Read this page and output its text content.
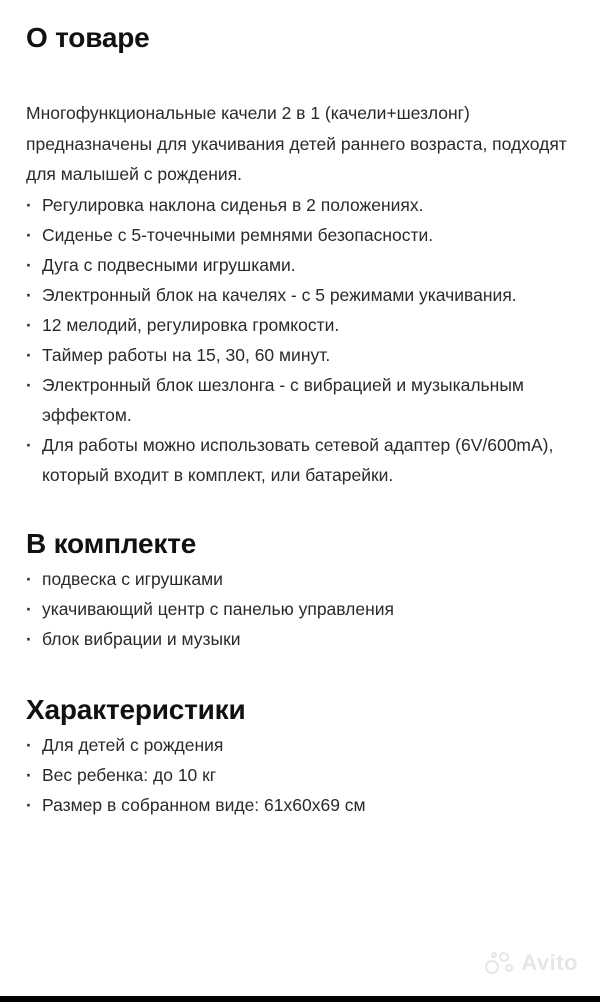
О товаре

Многофункциональные качели 2 в 1 (качели+шезлонг) предназначены для укачивания детей раннего возраста, подходят для малышей с рождения.

· Регулировка наклона сиденья в 2 положениях.
· Сиденье с 5-точечными ремнями безопасности.
· Дуга с подвесными игрушками.
· Электронный блок на качелях - с 5 режимами укачивания.
· 12 мелодий, регулировка громкости.
· Таймер работы на 15, 30, 60 минут.
· Электронный блок шезлонга - с вибрацией и музыкальным эффектом.
· Для работы можно использовать сетевой адаптер (6V/600mA), который входит в комплект, или батарейки.
В комплекте
· подвеска с игрушками
· укачивающий центр с панелью управления
· блок вибрации и музыки
Характеристики
· Для детей с рождения
· Вес ребенка: до 10 кг
· Размер в собранном виде: 61x60x69 см
Avito
